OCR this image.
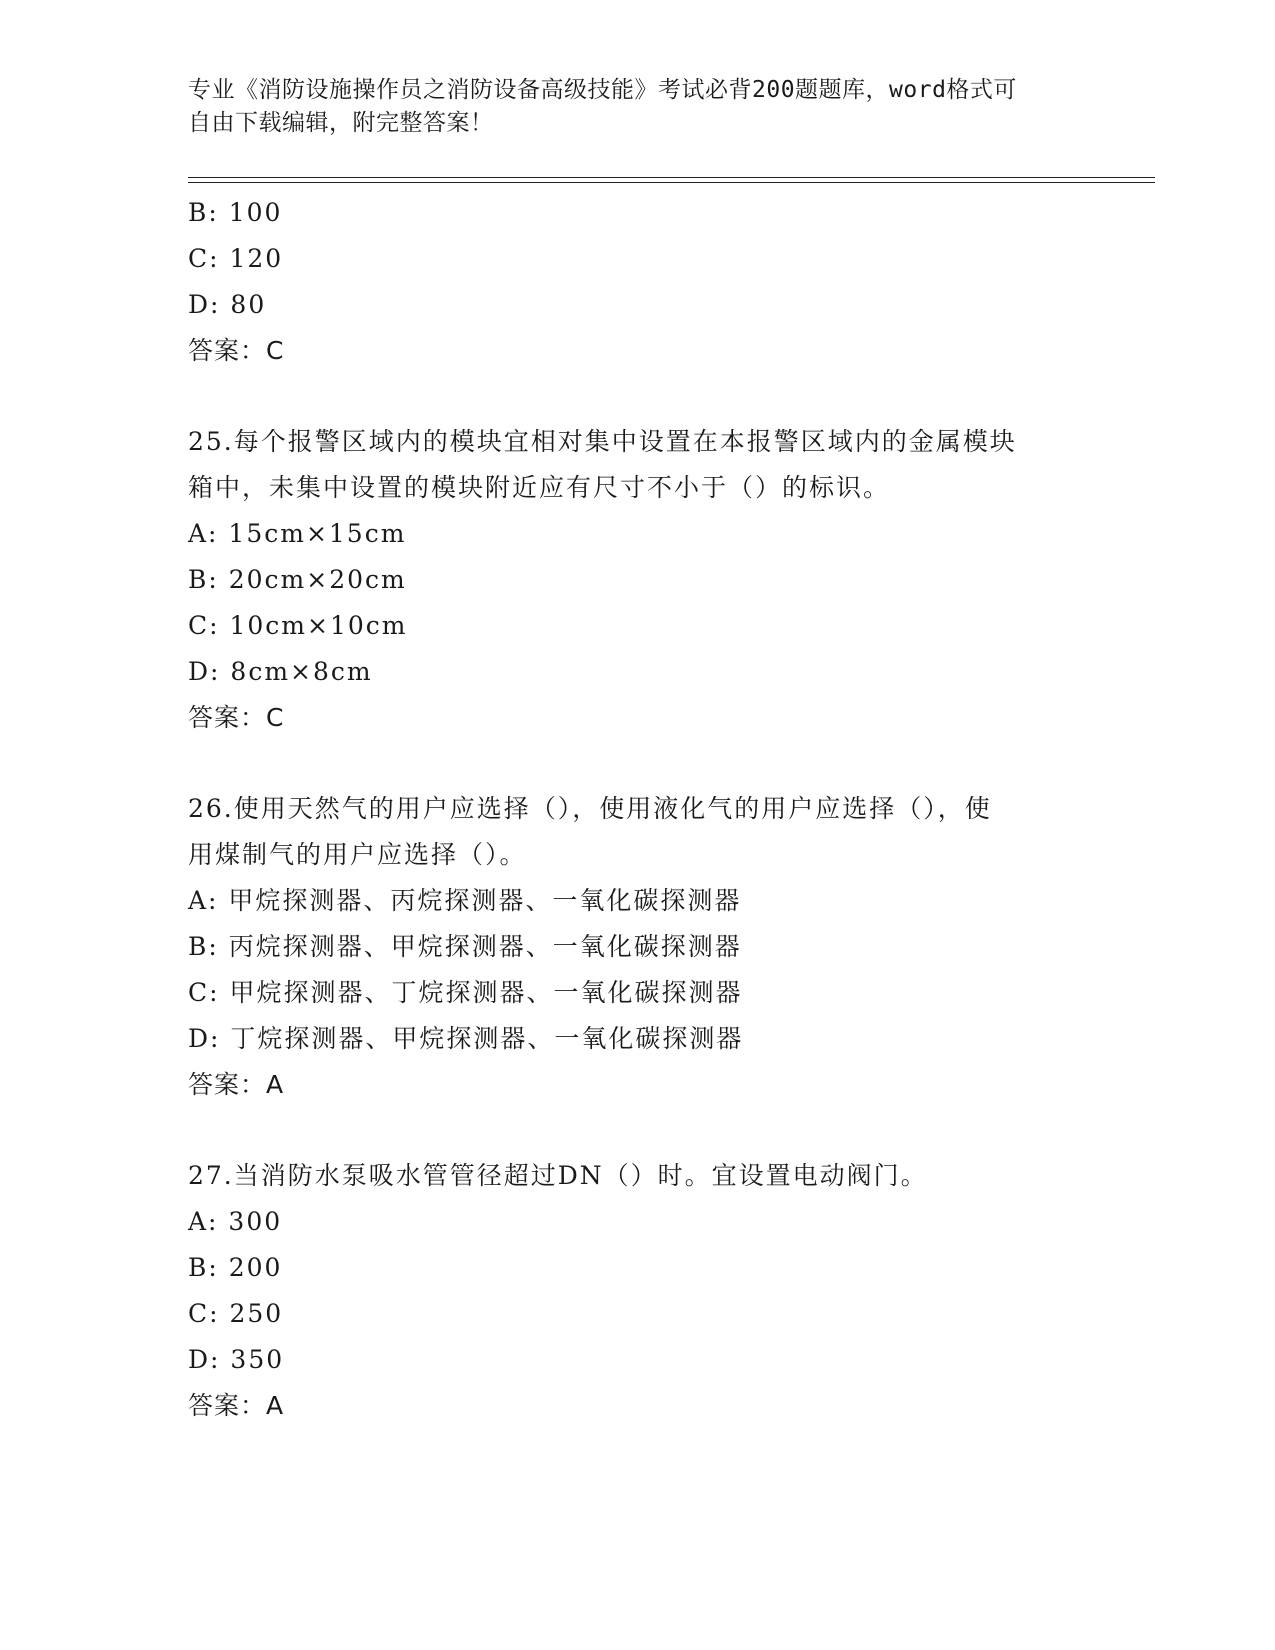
专业《消防设施操作员之消防设备高级技能》考试必背200题题库，word格式可
自由下载编辑，附完整答案！
B: 100
C: 120
D: 80
答案：C
25.每个报警区域内的模块宜相对集中设置在本报警区域内的金属模块
箱中，未集中设置的模块附近应有尺寸不小于（）的标识。
A: 15cm×15cm
B: 20cm×20cm
C: 10cm×10cm
D: 8cm×8cm
答案：C
26.使用天然气的用户应选择（），使用液化气的用户应选择（），使
用煤制气的用户应选择（）。
A: 甲烷探测器、丙烷探测器、一氧化碳探测器
B: 丙烷探测器、甲烷探测器、一氧化碳探测器
C: 甲烷探测器、丁烷探测器、一氧化碳探测器
D: 丁烷探测器、甲烷探测器、一氧化碳探测器
答案：A
27.当消防水泵吸水管管径超过DN（）时。宜设置电动阀门。
A: 300
B: 200
C: 250
D: 350
答案：A
